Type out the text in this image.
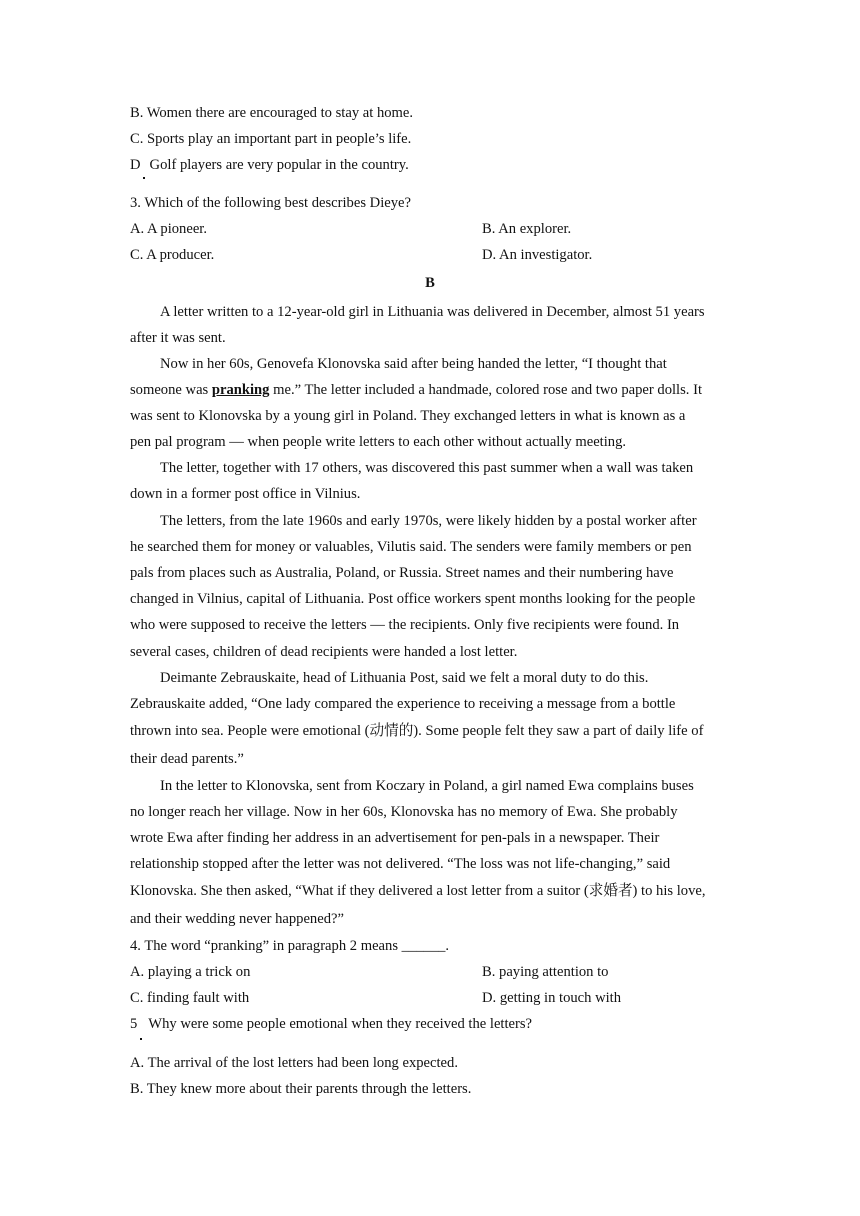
B. Women there are encouraged to stay at home.
C. Sports play an important part in people’s life.
D Golf players are very popular in the country.
3. Which of the following best describes Dieye?
A. A pioneer.	B. An explorer.
C. A producer.	D. An investigator.
B
A letter written to a 12-year-old girl in Lithuania was delivered in December, almost 51 years
after it was sent.
Now in her 60s, Genovefa Klonovska said after being handed the letter, “I thought that
someone was pranking me.” The letter included a handmade, colored rose and two paper dolls. It
was sent to Klonovska by a young girl in Poland. They exchanged letters in what is known as a
pen pal program — when people write letters to each other without actually meeting.
The letter, together with 17 others, was discovered this past summer when a wall was taken
down in a former post office in Vilnius.
The letters, from the late 1960s and early 1970s, were likely hidden by a postal worker after
he searched them for money or valuables, Vilutis said. The senders were family members or pen
pals from places such as Australia, Poland, or Russia. Street names and their numbering have
changed in Vilnius, capital of Lithuania. Post office workers spent months looking for the people
who were supposed to receive the letters — the recipients. Only five recipients were found. In
several cases, children of dead recipients were handed a lost letter.
Deimante Zebrauskaite, head of Lithuania Post, said we felt a moral duty to do this.
Zebrauskaite added, “One lady compared the experience to receiving a message from a bottle
thrown into sea. People were emotional (动情的). Some people felt they saw a part of daily life of
their dead parents.”
In the letter to Klonovska, sent from Koczary in Poland, a girl named Ewa complains buses
no longer reach her village. Now in her 60s, Klonovska has no memory of Ewa. She probably
wrote Ewa after finding her address in an advertisement for pen-pals in a newspaper. Their
relationship stopped after the letter was not delivered. “The loss was not life-changing,” said
Klonovska. She then asked, “What if they delivered a lost letter from a suitor (求婚者) to his love,
and their wedding never happened?”
4. The word “pranking” in paragraph 2 means ______.
A. playing a trick on	B. paying attention to
C. finding fault with	D. getting in touch with
5 Why were some people emotional when they received the letters?
A. The arrival of the lost letters had been long expected.
B. They knew more about their parents through the letters.
